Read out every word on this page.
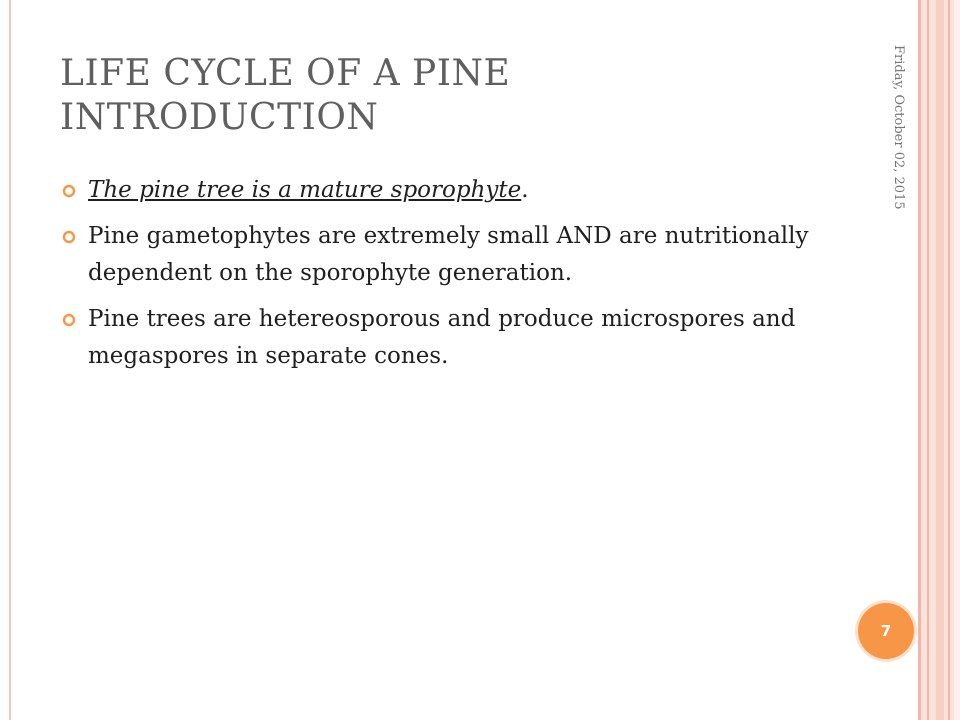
LIFE CYCLE OF A PINE
INTRODUCTION
The pine tree is a mature sporophyte.
Pine gametophytes are extremely small AND are nutritionally dependent on the sporophyte generation.
Pine trees are hetereosporous and produce microspores and megaspores in separate cones.
Friday, October 02, 2015
7
